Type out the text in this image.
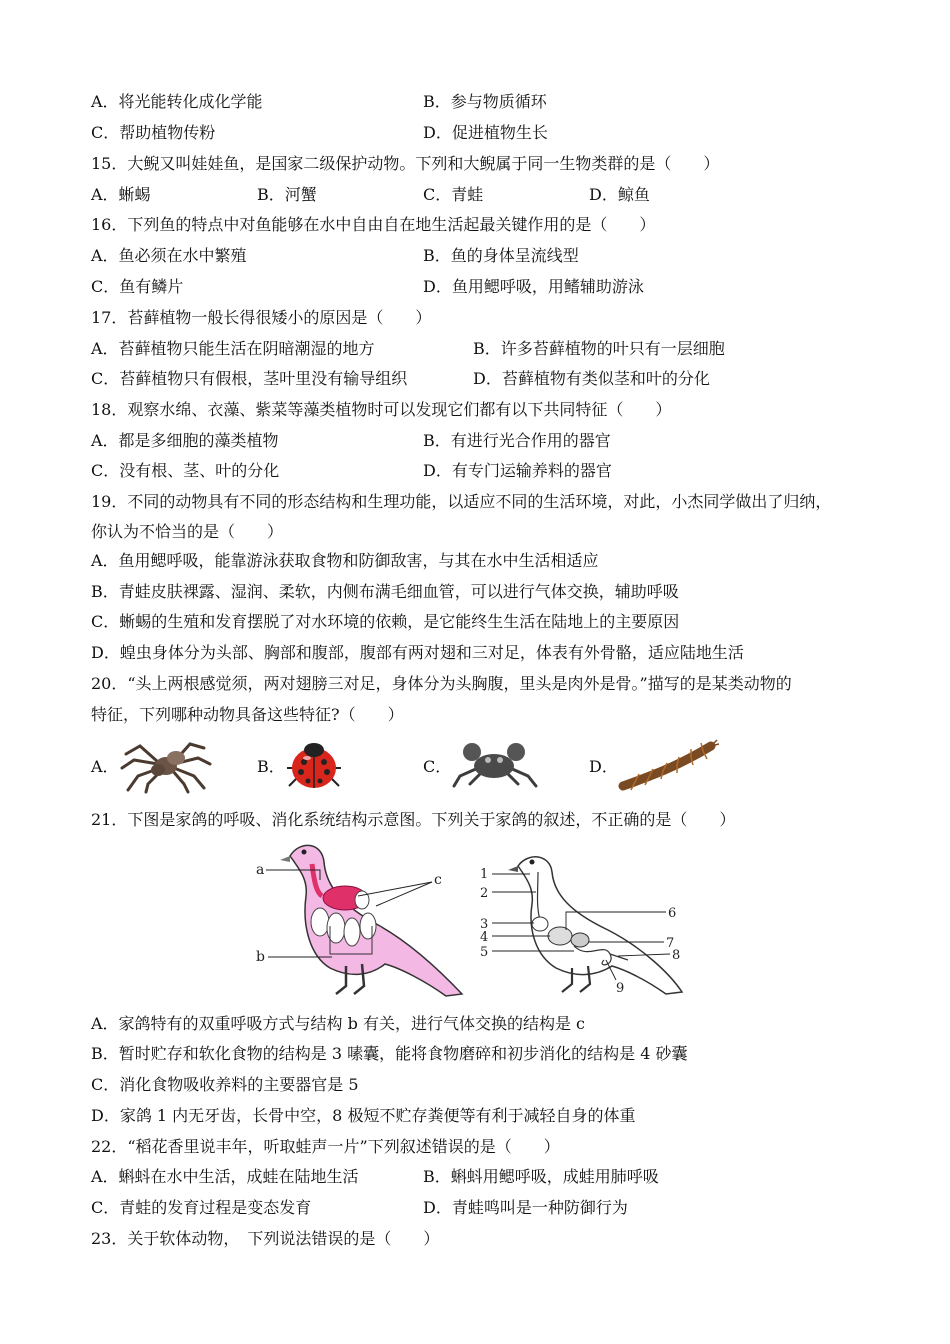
A．将光能转化成化学能	B．参与物质循环
C．帮助植物传粉	D．促进植物生长
15．大鲵又叫娃娃鱼，是国家二级保护动物。下列和大鲵属于同一生物类群的是（　　）
A．蜥蜴	B．河蟹	C．青蛙	D．鲸鱼
16．下列鱼的特点中对鱼能够在水中自由自在地生活起最关键作用的是（　　）
A．鱼必须在水中繁殖	B．鱼的身体呈流线型
C．鱼有鳞片	D．鱼用鳃呼吸，用鳍辅助游泳
17．苔藓植物一般长得很矮小的原因是（　　）
A．苔藓植物只能生活在阴暗潮湿的地方	B．许多苔藓植物的叶只有一层细胞
C．苔藓植物只有假根，茎叶里没有输导组织	D．苔藓植物有类似茎和叶的分化
18．观察水绵、衣藻、紫菜等藻类植物时可以发现它们都有以下共同特征（　　）
A．都是多细胞的藻类植物	B．有进行光合作用的器官
C．没有根、茎、叶的分化	D．有专门运输养料的器官
19．不同的动物具有不同的形态结构和生理功能，以适应不同的生活环境，对此，小杰同学做出了归纳，
你认为不恰当的是（　　）
A．鱼用鳃呼吸，能靠游泳获取食物和防御敌害，与其在水中生活相适应
B．青蛙皮肤裸露、湿润、柔软，内侧布满毛细血管，可以进行气体交换，辅助呼吸
C．蜥蜴的生殖和发育摆脱了对水环境的依赖，是它能终生生活在陆地上的主要原因
D．蝗虫身体分为头部、胸部和腹部，腹部有两对翅和三对足，体表有外骨骼，适应陆地生活
20．“头上两根感觉须，两对翅膀三对足，身体分为头胸腹，里头是肉外是骨。”描写的是某类动物的
特征，下列哪种动物具备这些特征?（　　）
A．	B．	C．	D．
21．下图是家鸽的呼吸、消化系统结构示意图。下列关于家鸽的叙述，不正确的是（　　）
a
b
c	1
2
3
4
5
6
7
8
9
A．家鸽特有的双重呼吸方式与结构 b 有关，进行气体交换的结构是 c
B．暂时贮存和软化食物的结构是 3 嗉囊，能将食物磨碎和初步消化的结构是 4 砂囊
C．消化食物吸收养料的主要器官是 5
D．家鸽 1 内无牙齿，长骨中空，8 极短不贮存粪便等有利于减轻自身的体重
22．“稻花香里说丰年，听取蛙声一片”下列叙述错误的是（　　）
A．蝌蚪在水中生活，成蛙在陆地生活	B．蝌蚪用鳃呼吸，成蛙用肺呼吸
C．青蛙的发育过程是变态发育	D．青蛙鸣叫是一种防御行为
23．关于软体动物，　下列说法错误的是（　　）
